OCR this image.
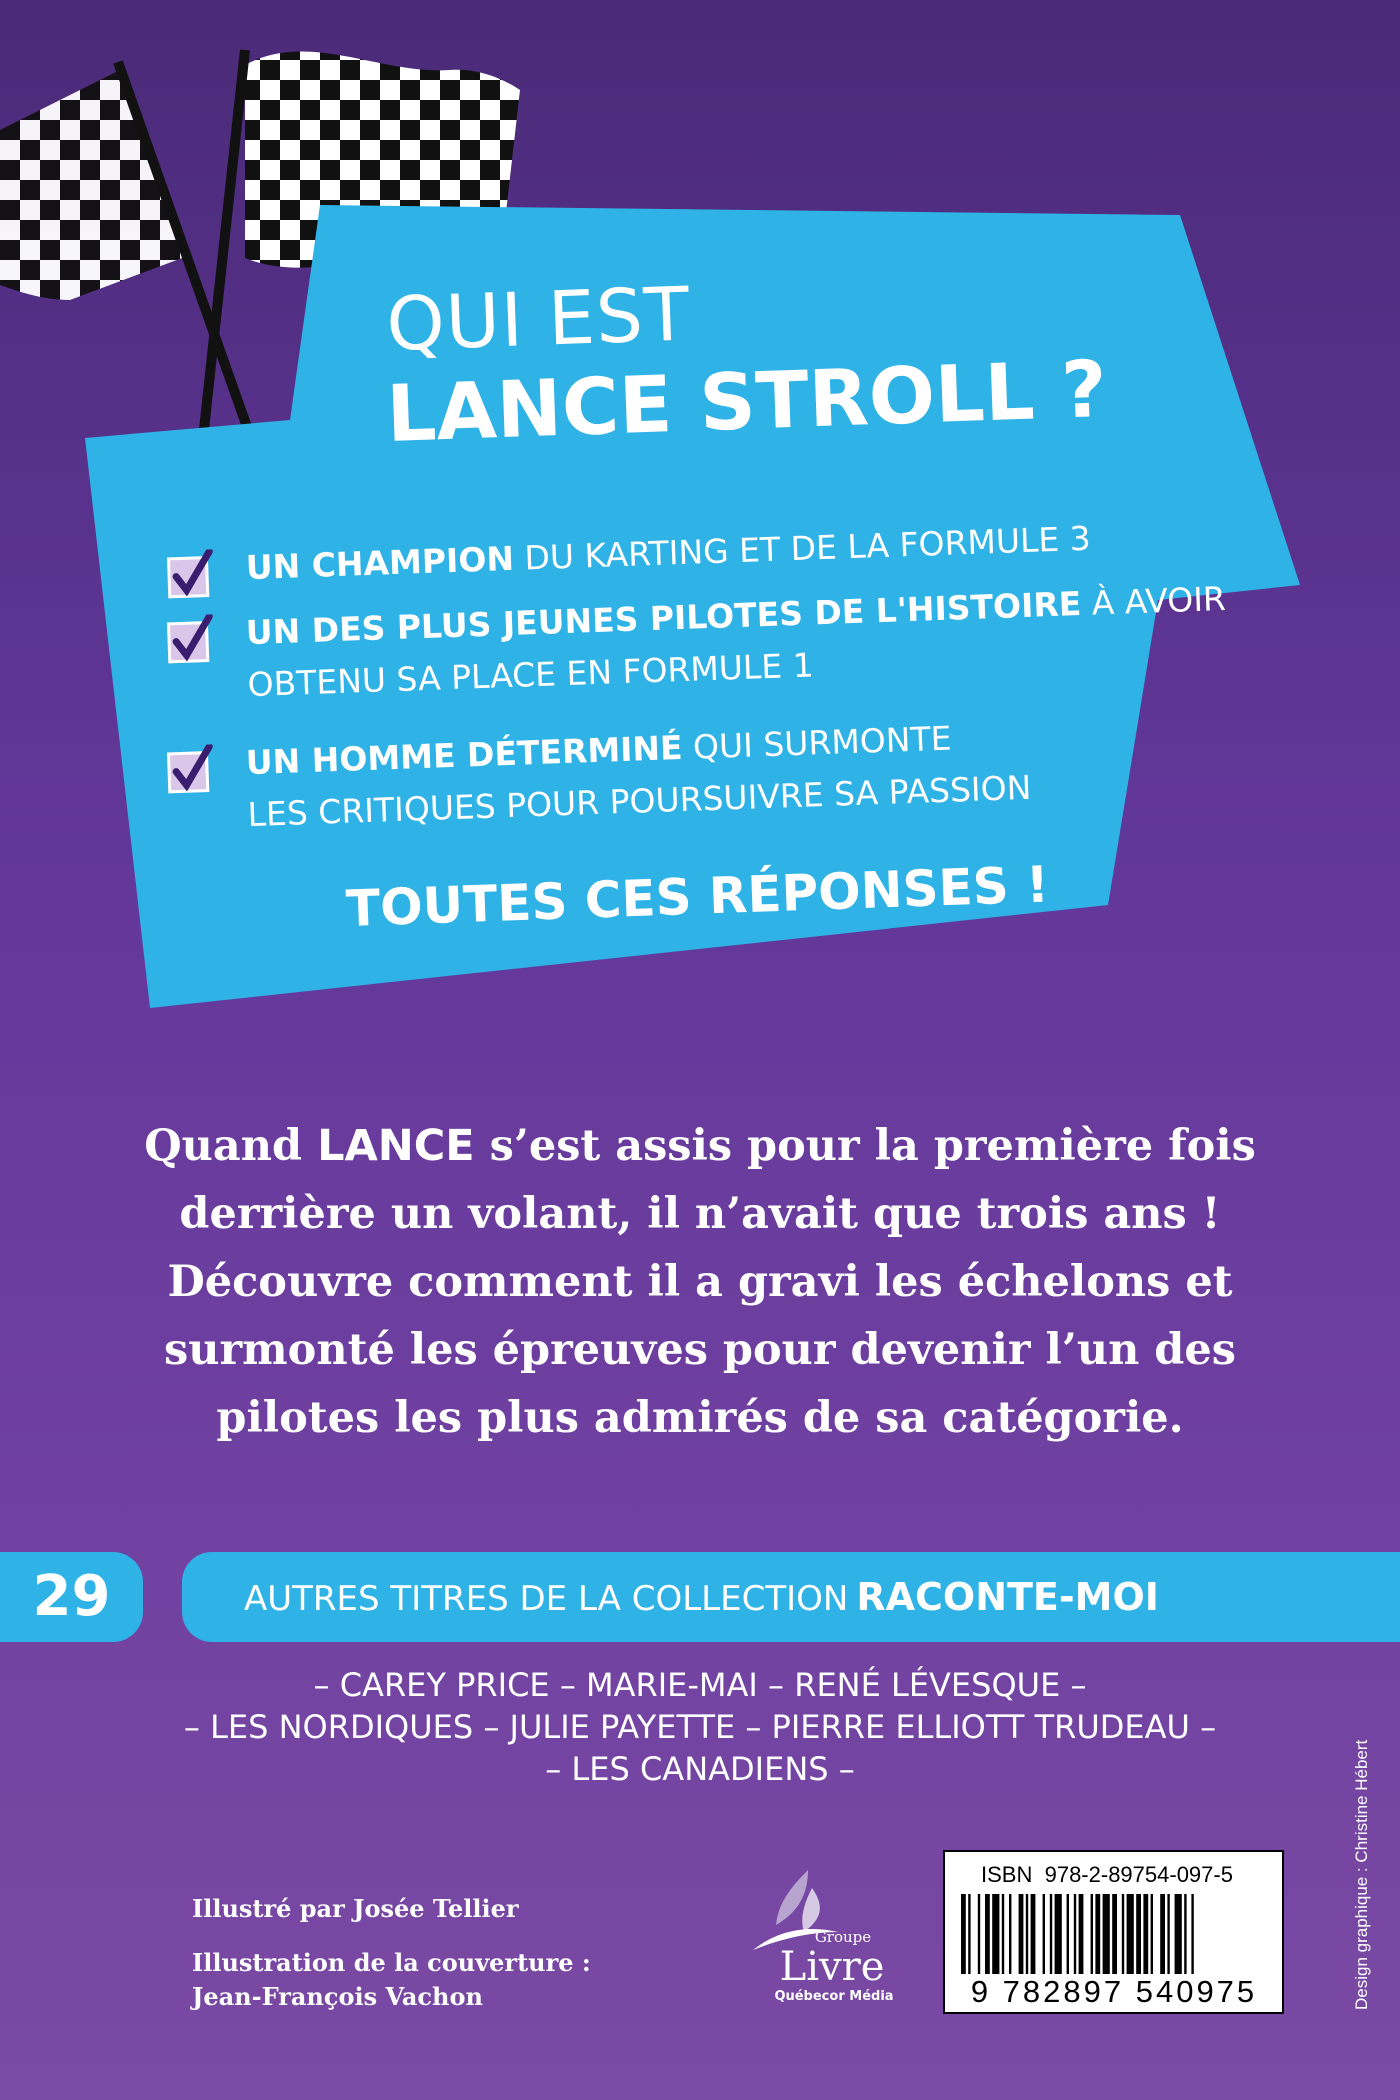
QUI EST
LANCE STROLL ?
UN CHAMPION DU KARTING ET DE LA FORMULE 3
UN DES PLUS JEUNES PILOTES DE L'HISTOIRE À AVOIR
OBTENU SA PLACE EN FORMULE 1
UN HOMME DÉTERMINÉ QUI SURMONTE
LES CRITIQUES POUR POURSUIVRE SA PASSION
TOUTES CES RÉPONSES !
Quand LANCE s’est assis pour la première fois
derrière un volant, il n’avait que trois ans !
Découvre comment il a gravi les échelons et
surmonté les épreuves pour devenir l’un des
pilotes les plus admirés de sa catégorie.
29	AUTRES TITRES DE LA COLLECTION RACONTE-MOI
– CAREY PRICE – MARIE-MAI – RENÉ LÉVESQUE –
– LES NORDIQUES – JULIE PAYETTE – PIERRE ELLIOTT TRUDEAU –
– LES CANADIENS –
Illustré par Josée Tellier
Illustration de la couverture :
Jean-François Vachon
Groupe
Livre
Québecor Média
ISBN 978-2-89754-097-5
9 782897 540975	Design graphique : Christine Hébert
